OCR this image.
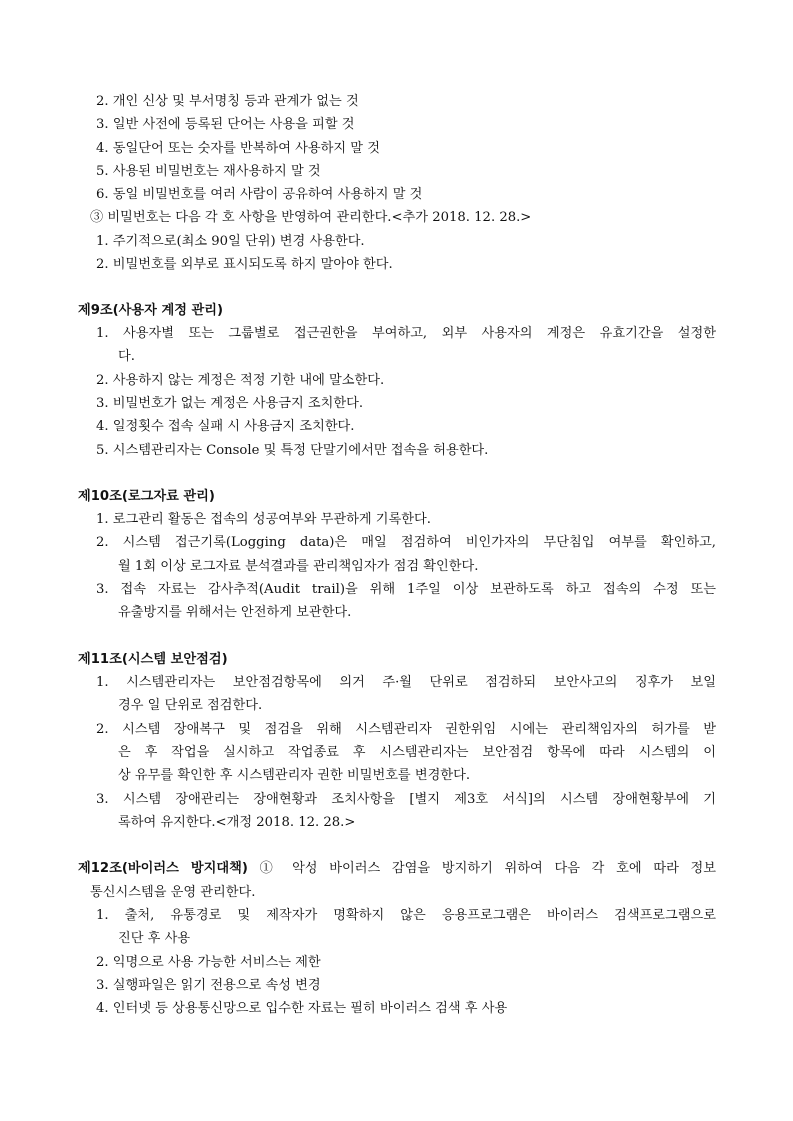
2. 개인 신상 및 부서명칭 등과 관계가 없는 것
3. 일반 사전에 등록된 단어는 사용을 피할 것
4. 동일단어 또는 숫자를 반복하여 사용하지 말 것
5. 사용된 비밀번호는 재사용하지 말 것
6. 동일 비밀번호를 여러 사람이 공유하여 사용하지 말 것
③ 비밀번호는 다음 각 호 사항을 반영하여 관리한다.<추가 2018. 12. 28.>
1. 주기적으로(최소 90일 단위) 변경 사용한다.
2. 비밀번호를 외부로 표시되도록 하지 말아야 한다.
제9조(사용자 계정 관리)
1. 사용자별 또는 그룹별로 접근권한을 부여하고, 외부 사용자의 계정은 유효기간을 설정한
다.
2. 사용하지 않는 계정은 적정 기한 내에 말소한다.
3. 비밀번호가 없는 계정은 사용금지 조치한다.
4. 일정횟수 접속 실패 시 사용금지 조치한다.
5. 시스템관리자는 Console 및 특정 단말기에서만 접속을 허용한다.
제10조(로그자료 관리)
1. 로그관리 활동은 접속의 성공여부와 무관하게 기록한다.
2. 시스템 접근기록(Logging data)은 매일 점검하여 비인가자의 무단침입 여부를 확인하고,
월 1회 이상 로그자료 분석결과를 관리책임자가 점검 확인한다.
3. 접속 자료는 감사추적(Audit trail)을 위해 1주일 이상 보관하도록 하고 접속의 수정 또는
유출방지를 위해서는 안전하게 보관한다.
제11조(시스템 보안점검)
1. 시스템관리자는 보안점검항목에 의거 주·월 단위로 점검하되 보안사고의 징후가 보일
경우 일 단위로 점검한다.
2. 시스템 장애복구 및 점검을 위해 시스템관리자 권한위임 시에는 관리책임자의 허가를 받
은 후 작업을 실시하고 작업종료 후 시스템관리자는 보안점검 항목에 따라 시스템의 이
상 유무를 확인한 후 시스템관리자 권한 비밀번호를 변경한다.
3. 시스템 장애관리는 장애현황과 조치사항을 [별지 제3호 서식]의 시스템 장애현황부에 기
록하여 유지한다.<개정 2018. 12. 28.>
제12조(바이러스 방지대책) ① 악성 바이러스 감염을 방지하기 위하여 다음 각 호에 따라 정보
통신시스템을 운영 관리한다.
1. 출처, 유통경로 및 제작자가 명확하지 않은 응용프로그램은 바이러스 검색프로그램으로
진단 후 사용
2. 익명으로 사용 가능한 서비스는 제한
3. 실행파일은 읽기 전용으로 속성 변경
4. 인터넷 등 상용통신망으로 입수한 자료는 필히 바이러스 검색 후 사용
